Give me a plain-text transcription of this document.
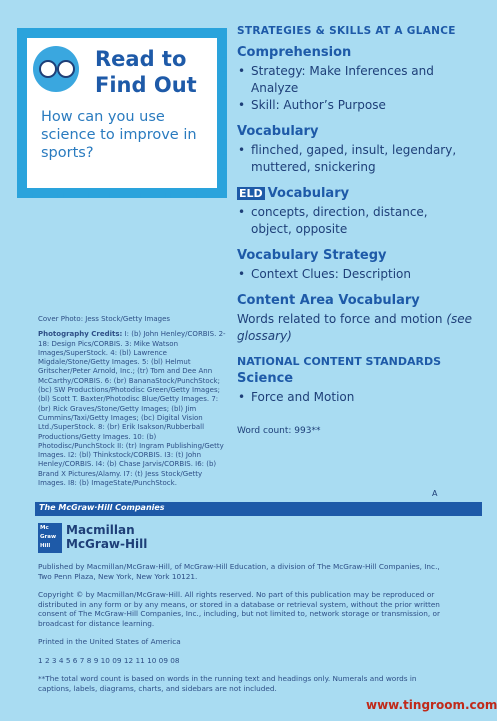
Read to
Find Out
How can you use science to improve in sports?
STRATEGIES & SKILLS AT A GLANCE
Comprehension
• Strategy: Make Inferences and Analyze
• Skill: Author’s Purpose
Vocabulary
• flinched, gaped, insult, legendary, muttered, snickering
ELD Vocabulary
• concepts, direction, distance, object, opposite
Vocabulary Strategy
• Context Clues: Description
Content Area Vocabulary
Words related to force and motion (see glossary)
NATIONAL CONTENT STANDARDS
Science
• Force and Motion
Word count: 993**

Cover Photo: Jess Stock/Getty Images

Photography Credits: I: (b) John Henley/CORBIS. 2-18: Design Pics/CORBIS. 3: Mike Watson Images/SuperStock. 4: (bl) Lawrence Migdale/Stone/Getty Images. 5: (bl) Helmut Gritscher/Peter Arnold, Inc.; (tr) Tom and Dee Ann McCarthy/CORBIS. 6: (br) BananaStock/PunchStock; (bc) SW Productions/Photodisc Green/Getty Images; (bl) Scott T. Baxter/Photodisc Blue/Getty Images. 7: (br) Rick Graves/Stone/Getty Images; (bl) Jim Cummins/Taxi/Getty Images; (bc) Digital Vision Ltd./SuperStock. 8: (br) Erik Isakson/Rubberball Productions/Getty Images. 10: (b) Photodisc/PunchStock II: (tr) Ingram Publishing/Getty Images. I2: (bl) Thinkstock/CORBIS. I3: (t) John Henley/CORBIS. I4: (b) Chase Jarvis/CORBIS. I6: (b) Brand X Pictures/Alamy. I7: (t) Jess Stock/Getty Images. I8: (b) ImageState/PunchStock.

A
The McGraw·Hill Companies
Mc
Graw
Hill
Macmillan
McGraw-Hill

Published by Macmillan/McGraw-Hill, of McGraw-Hill Education, a division of The McGraw-Hill Companies, Inc., Two Penn Plaza, New York, New York 10121.

Copyright © by Macmillan/McGraw-Hill. All rights reserved. No part of this publication may be reproduced or distributed in any form or by any means, or stored in a database or retrieval system, without the prior written consent of The McGraw-Hill Companies, Inc., including, but not limited to, network storage or transmission, or broadcast for distance learning.

Printed in the United States of America

1 2 3 4 5 6 7 8 9 10 09 12 11 10 09 08

**The total word count is based on words in the running text and headings only. Numerals and words in captions, labels, diagrams, charts, and sidebars are not included.

www.tingroom.com
